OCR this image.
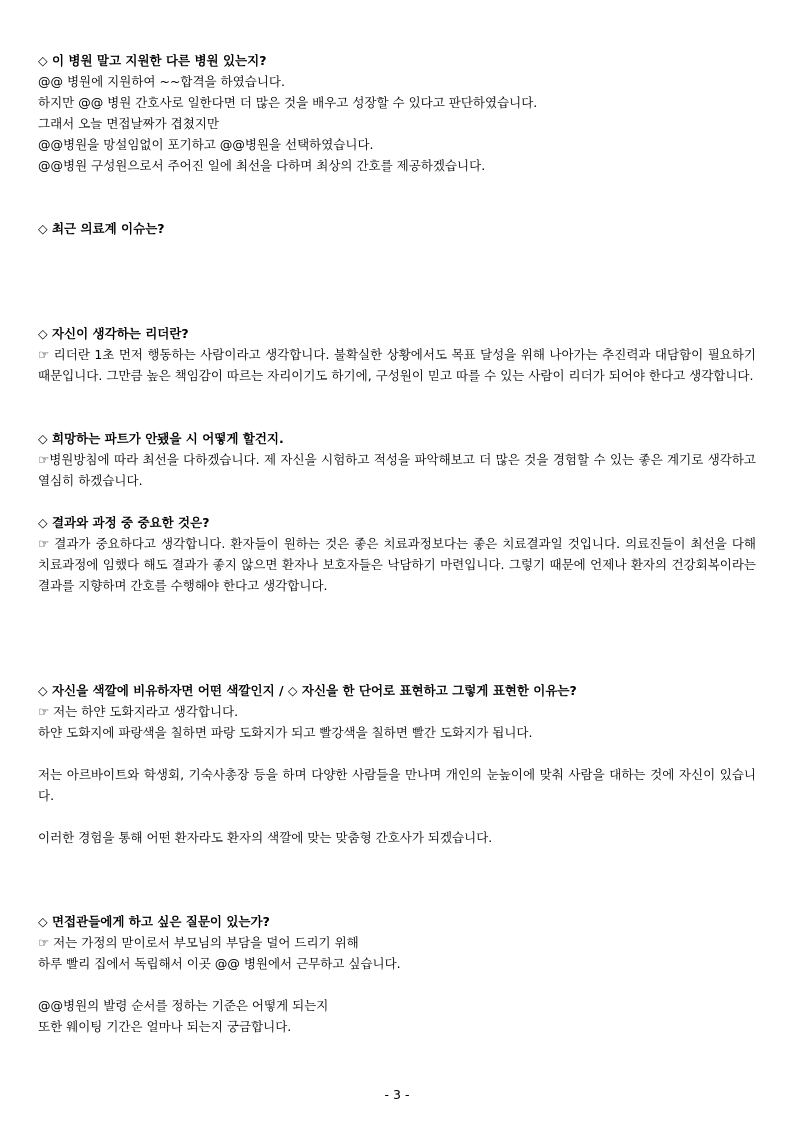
◇ 이 병원 말고 지원한 다른 병원 있는지?
@@ 병원에 지원하여 ~~합격을 하였습니다.
하지만 @@ 병원 간호사로 일한다면 더 많은 것을 배우고 성장할 수 있다고 판단하였습니다.
그래서 오늘 면접날짜가 겹쳤지만
@@병원을 망설임없이 포기하고 @@병원을 선택하였습니다.
@@병원 구성원으로서 주어진 일에 최선을 다하며 최상의 간호를 제공하겠습니다.
◇ 최근 의료계 이슈는?
◇ 자신이 생각하는 리더란?
☞ 리더란 1초 먼저 행동하는 사람이라고 생각합니다. 불확실한 상황에서도 목표 달성을 위해 나아가는 추진력과 대담함이 필요하기 때문입니다. 그만큼 높은 책임감이 따르는 자리이기도 하기에, 구성원이 믿고 따를 수 있는 사람이 리더가 되어야 한다고 생각합니다.
◇ 희망하는 파트가 안됐을 시 어떻게 할건지.
☞병원방침에 따라 최선을 다하겠습니다. 제 자신을 시험하고 적성을 파악해보고 더 많은 것을 경험할 수 있는 좋은 계기로 생각하고 열심히 하겠습니다.
◇ 결과와 과정 중 중요한 것은?
☞ 결과가 중요하다고 생각합니다. 환자들이 원하는 것은 좋은 치료과정보다는 좋은 치료결과일 것입니다. 의료진들이 최선을 다해 치료과정에 임했다 해도 결과가 좋지 않으면 환자나 보호자들은 낙담하기 마련입니다. 그렇기 때문에 언제나 환자의 건강회복이라는 결과를 지향하며 간호를 수행해야 한다고 생각합니다.
◇ 자신을 색깔에 비유하자면 어떤 색깔인지 / ◇ 자신을 한 단어로 표현하고 그렇게 표현한 이유는?
☞ 저는 하얀 도화지라고 생각합니다.
하얀 도화지에 파랑색을 칠하면 파랑 도화지가 되고 빨강색을 칠하면 빨간 도화지가 됩니다.
저는 아르바이트와 학생회, 기숙사총장 등을 하며 다양한 사람들을 만나며 개인의 눈높이에 맞춰 사람을 대하는 것에 자신이 있습니다.
이러한 경험을 통해 어떤 환자라도 환자의 색깔에 맞는 맞춤형 간호사가 되겠습니다.
◇ 면접관들에게 하고 싶은 질문이 있는가?
☞ 저는 가정의 맏이로서 부모님의 부담을 덜어 드리기 위해
하루 빨리 집에서 독립해서 이곳 @@ 병원에서 근무하고 싶습니다.
@@병원의 발령 순서를 정하는 기준은 어떻게 되는지
또한 웨이팅 기간은 얼마나 되는지 궁금합니다.
- 3 -
